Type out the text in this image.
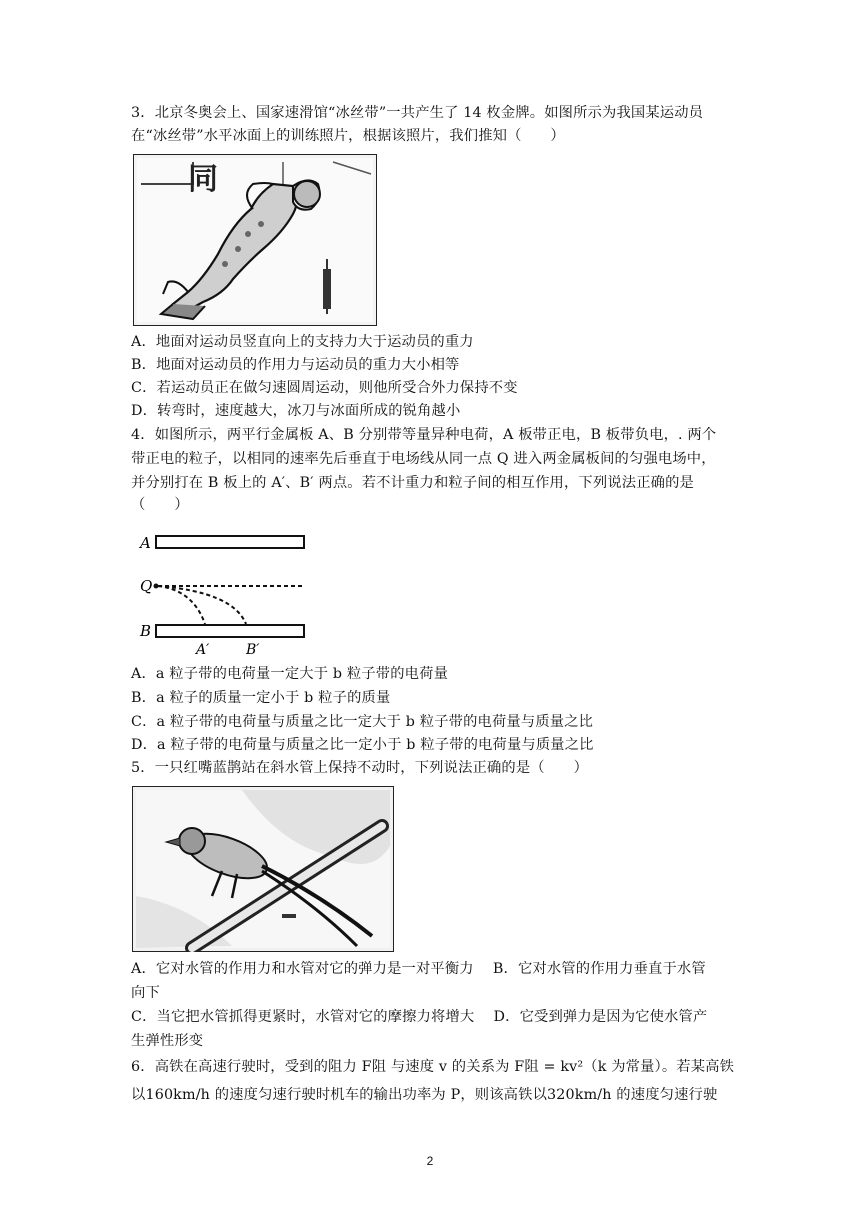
3．北京冬奥会上、国家速滑馆“冰丝带”一共产生了 14 枚金牌。如图所示为我国某运动员
在“冰丝带”水平冰面上的训练照片，根据该照片，我们推知（　　）
同
A．地面对运动员竖直向上的支持力大于运动员的重力
B．地面对运动员的作用力与运动员的重力大小相等
C．若运动员正在做匀速圆周运动，则他所受合外力保持不变
D．转弯时，速度越大，冰刀与冰面所成的锐角越小
4．如图所示，两平行金属板 A、B 分别带等量异种电荷，A 板带正电，B 板带负电，. 两个
带正电的粒子，以相同的速率先后垂直于电场线从同一点 Q 进入两金属板间的匀强电场中，
并分别打在 B 板上的 A′、B′ 两点。若不计重力和粒子间的相互作用，下列说法正确的是
（　　）
A
Q
B
A′	B′
A．a 粒子带的电荷量一定大于 b 粒子带的电荷量
B．a 粒子的质量一定小于 b 粒子的质量
C．a 粒子带的电荷量与质量之比一定大于 b 粒子带的电荷量与质量之比
D．a 粒子带的电荷量与质量之比一定小于 b 粒子带的电荷量与质量之比
5．一只红嘴蓝鹊站在斜水管上保持不动时，下列说法正确的是（　　）
A．它对水管的作用力和水管对它的弹力是一对平衡力　 B．它对水管的作用力垂直于水管
向下
C．当它把水管抓得更紧时，水管对它的摩擦力将增大　 D．它受到弹力是因为它使水管产
生弹性形变
6．高铁在高速行驶时，受到的阻力 F阻 与速度 v 的关系为 F阻 = kv²（k 为常量）。若某高铁
以160km/h 的速度匀速行驶时机车的输出功率为 P，则该高铁以320km/h 的速度匀速行驶
2
